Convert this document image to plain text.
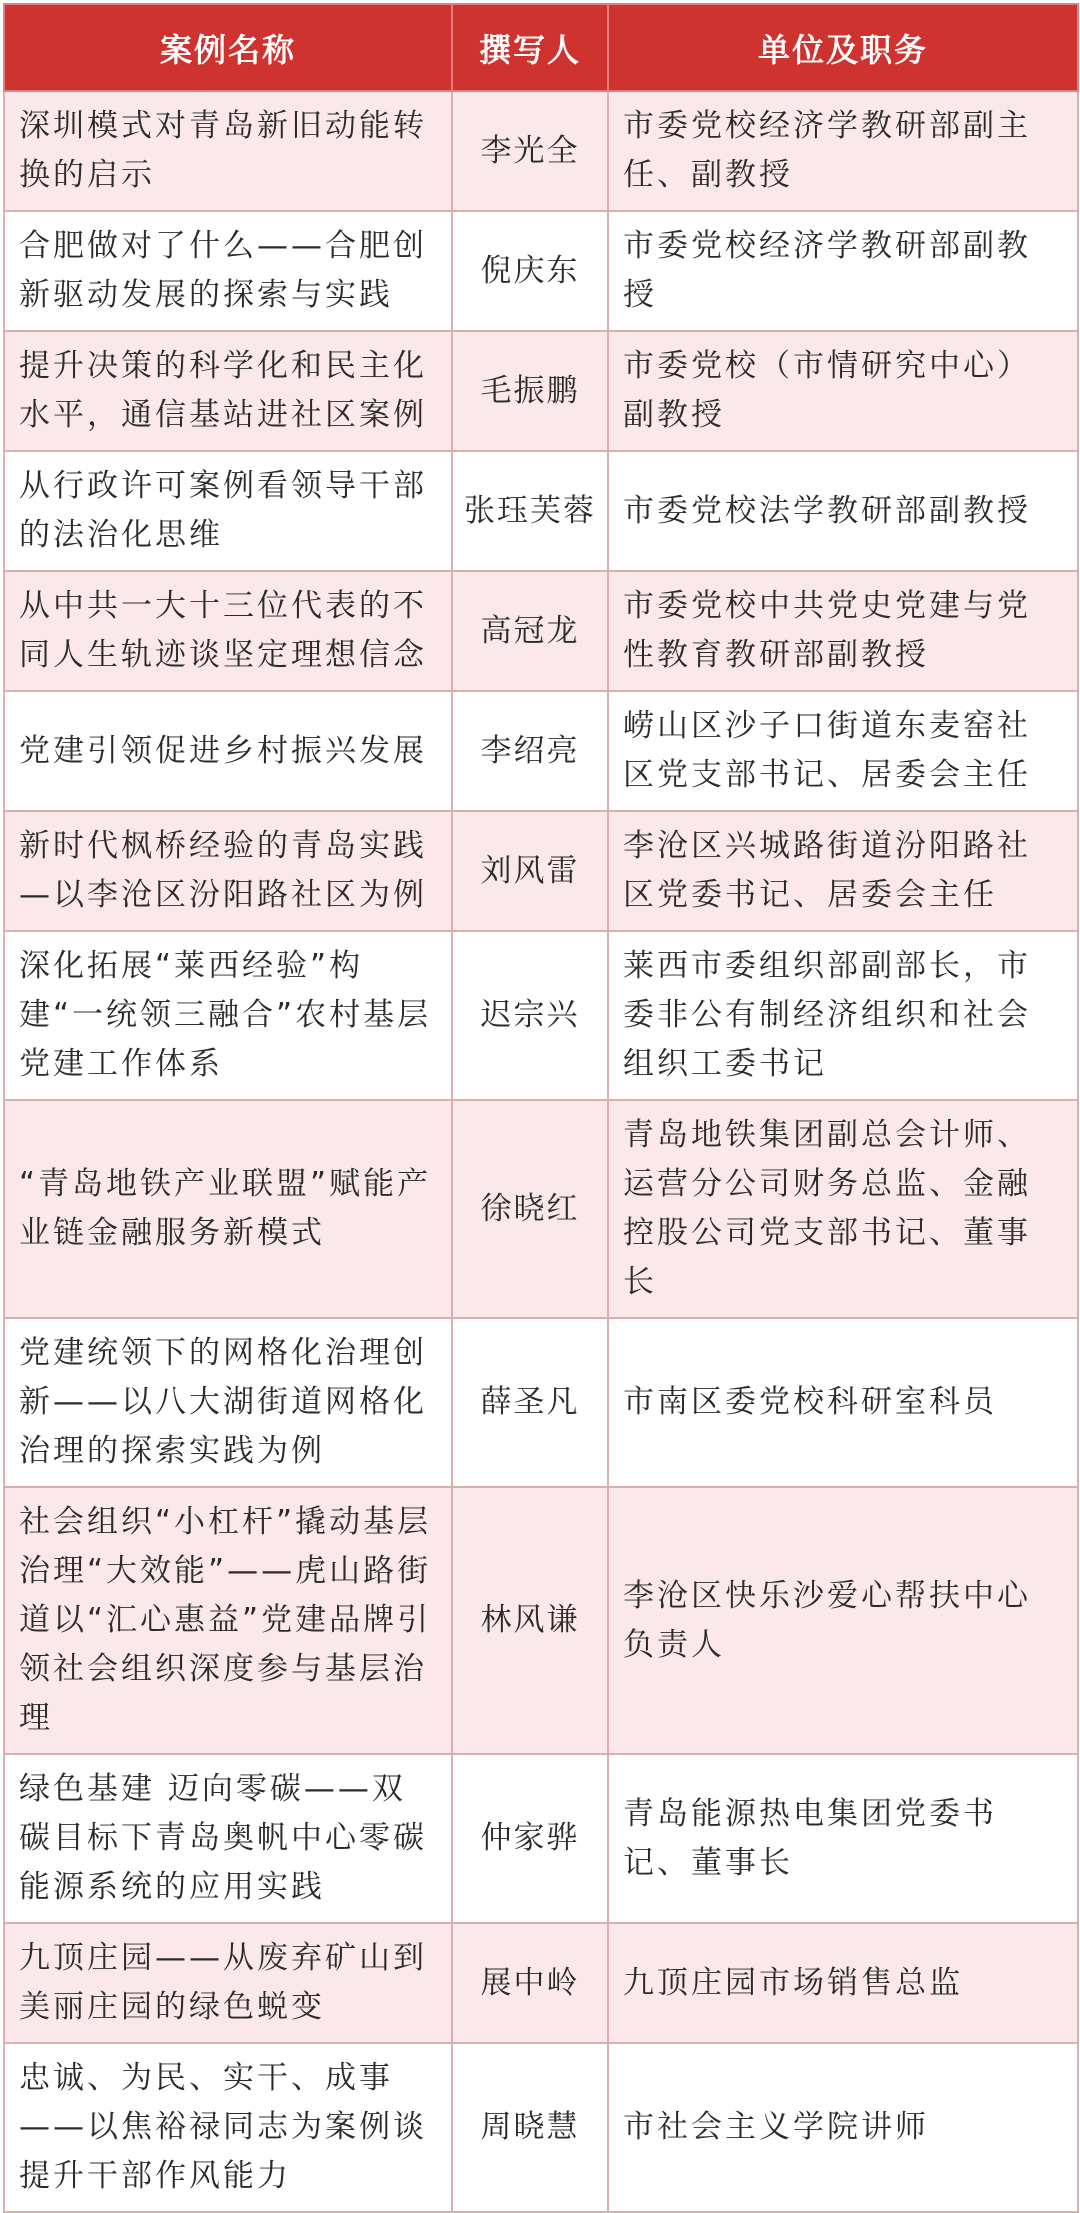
案例名称	撰写人	单位及职务
深圳模式对青岛新旧动能转换的启示	李光全	市委党校经济学教研部副主任、副教授
合肥做对了什么——合肥创新驱动发展的探索与实践	倪庆东	市委党校经济学教研部副教授
提升决策的科学化和民主化水平，通信基站进社区案例	毛振鹏	市委党校（市情研究中心）副教授
从行政许可案例看领导干部的法治化思维	张珏芙蓉	市委党校法学教研部副教授
从中共一大十三位代表的不同人生轨迹谈坚定理想信念	高冠龙	市委党校中共党史党建与党性教育教研部副教授
党建引领促进乡村振兴发展	李绍亮	崂山区沙子口街道东麦窑社区党支部书记、居委会主任
新时代枫桥经验的青岛实践—以李沧区汾阳路社区为例	刘风雷	李沧区兴城路街道汾阳路社区党委书记、居委会主任
深化拓展“莱西经验”构建“一统领三融合”农村基层党建工作体系	迟宗兴	莱西市委组织部副部长，市委非公有制经济组织和社会组织工委书记
“青岛地铁产业联盟”赋能产业链金融服务新模式	徐晓红	青岛地铁集团副总会计师、运营分公司财务总监、金融控股公司党支部书记、董事长
党建统领下的网格化治理创新——以八大湖街道网格化治理的探索实践为例	薛圣凡	市南区委党校科研室科员
社会组织“小杠杆”撬动基层治理“大效能”——虎山路街道以“汇心惠益”党建品牌引领社会组织深度参与基层治理	林风谦	李沧区快乐沙爱心帮扶中心负责人
绿色基建 迈向零碳——双碳目标下青岛奥帆中心零碳能源系统的应用实践	仲家骅	青岛能源热电集团党委书记、董事长
九顶庄园——从废弃矿山到美丽庄园的绿色蜕变	展中岭	九顶庄园市场销售总监
忠诚、为民、实干、成事——以焦裕禄同志为案例谈提升干部作风能力	周晓慧	市社会主义学院讲师
